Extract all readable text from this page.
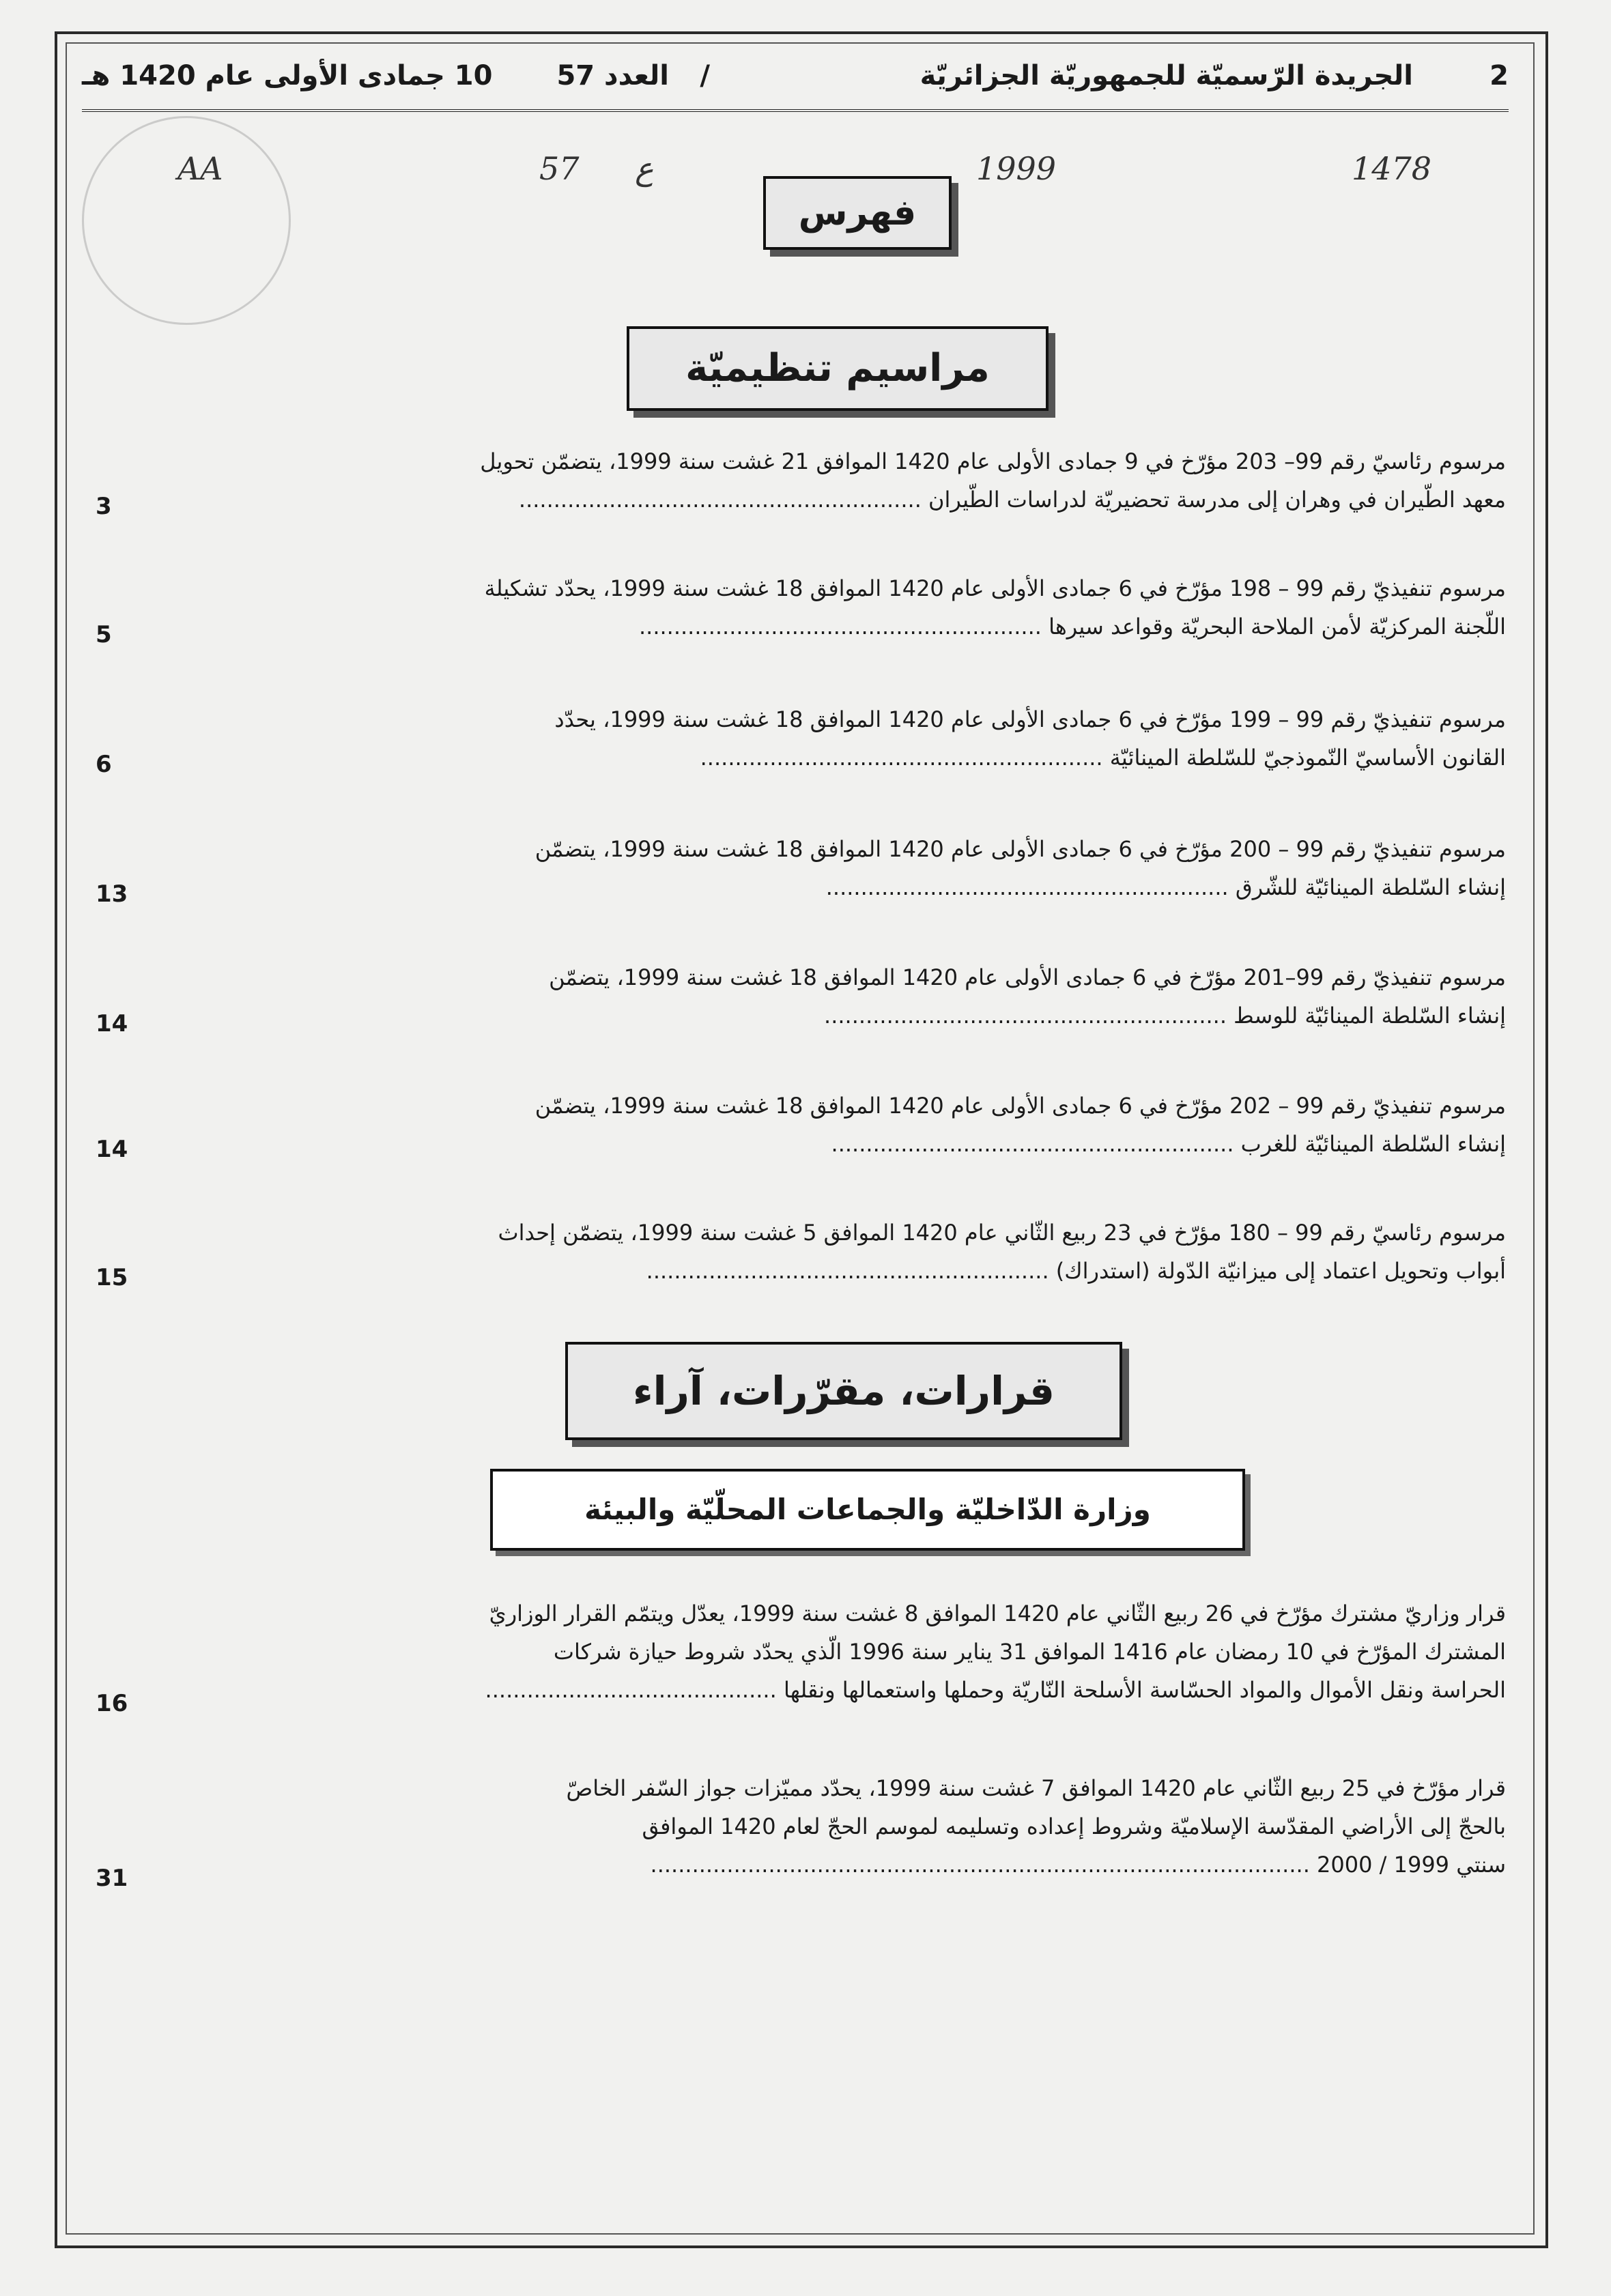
2
الجريدة الرّسميّة للجمهوريّة الجزائريّة
/
العدد 57
10 جمادى الأولى عام 1420 هـ
1478
1999
ع
57
AA
فهرس
مراسيم تنظيميّة
مرسوم رئاسيّ رقم 99– 203 مؤرّخ في 9 جمادى الأولى عام 1420 الموافق 21 غشت سنة 1999، يتضمّن تحويل
معهد الطّيران في وهران إلى مدرسة تحضيريّة لدراسات الطّيران ..........................................................
3
مرسوم تنفيذيّ رقم 99 – 198 مؤرّخ في 6 جمادى الأولى عام 1420 الموافق 18 غشت سنة 1999، يحدّد تشكيلة
اللّجنة المركزيّة لأمن الملاحة البحريّة وقواعد سيرها ..........................................................
5
مرسوم تنفيذيّ رقم 99 – 199 مؤرّخ في 6 جمادى الأولى عام 1420 الموافق 18 غشت سنة 1999، يحدّد
القانون الأساسيّ النّموذجيّ للسّلطة المينائيّة ..........................................................
6
مرسوم تنفيذيّ رقم 99 – 200 مؤرّخ في 6 جمادى الأولى عام 1420 الموافق 18 غشت سنة 1999، يتضمّن
إنشاء السّلطة المينائيّة للشّرق ..........................................................
13
مرسوم تنفيذيّ رقم 99–201 مؤرّخ في 6 جمادى الأولى عام 1420 الموافق 18 غشت سنة 1999، يتضمّن
إنشاء السّلطة المينائيّة للوسط ..........................................................
14
مرسوم تنفيذيّ رقم 99 – 202 مؤرّخ في 6 جمادى الأولى عام 1420 الموافق 18 غشت سنة 1999، يتضمّن
إنشاء السّلطة المينائيّة للغرب ..........................................................
14
مرسوم رئاسيّ رقم 99 – 180 مؤرّخ في 23 ربيع الثّاني عام 1420 الموافق 5 غشت سنة 1999، يتضمّن إحداث
أبواب وتحويل اعتماد إلى ميزانيّة الدّولة (استدراك) ..........................................................
15
قرارات، مقرّرات، آراء
وزارة الدّاخليّة والجماعات المحلّيّة والبيئة
قرار وزاريّ مشترك مؤرّخ في 26 ربيع الثّاني عام 1420 الموافق 8 غشت سنة 1999، يعدّل ويتمّم القرار الوزاريّ
المشترك المؤرّخ في 10 رمضان عام 1416 الموافق 31 يناير سنة 1996 الّذي يحدّد شروط حيازة شركات
الحراسة ونقل الأموال والمواد الحسّاسة الأسلحة النّاريّة وحملها واستعمالها ونقلها ..........................................
16
قرار مؤرّخ في 25 ربيع الثّاني عام 1420 الموافق 7 غشت سنة 1999، يحدّد مميّزات جواز السّفر الخاصّ
بالحجّ إلى الأراضي المقدّسة الإسلاميّة وشروط إعداده وتسليمه لموسم الحجّ لعام 1420 الموافق
سنتي 1999 / 2000 ...............................................................................................
31
